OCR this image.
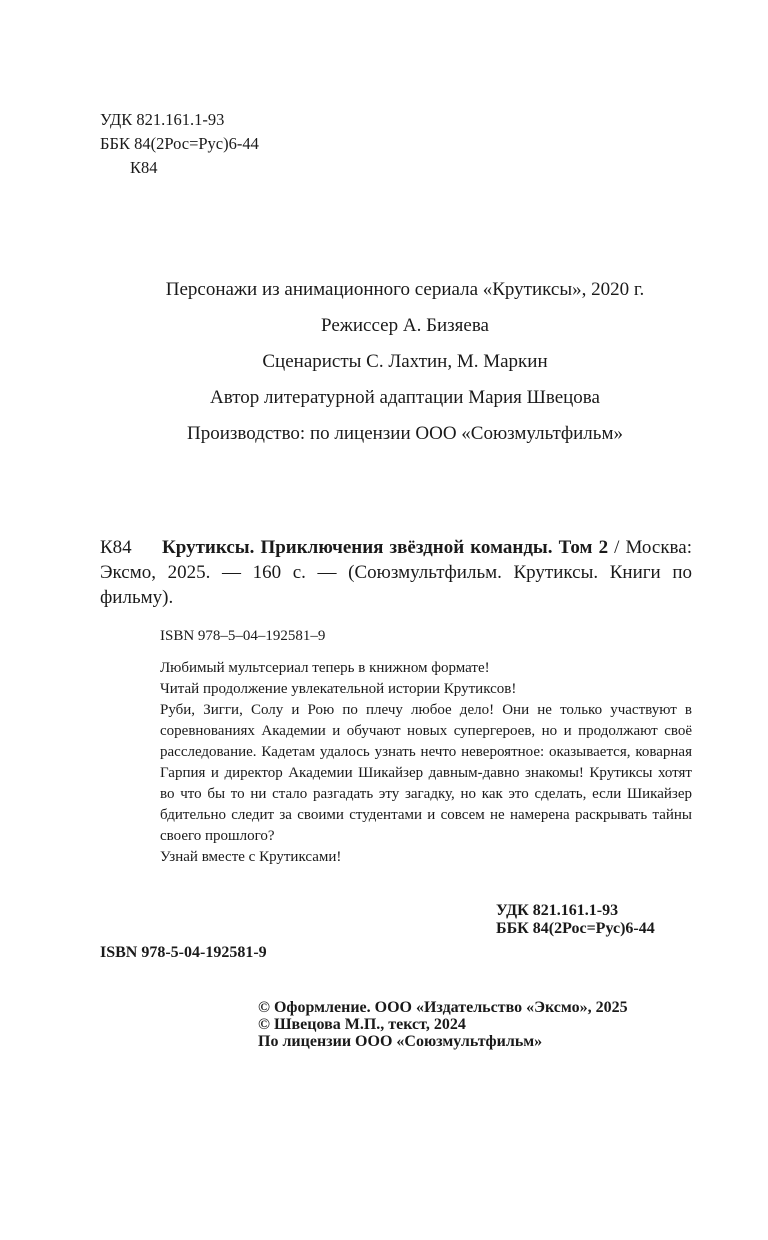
УДК 821.161.1-93
ББК 84(2Рос=Рус)6-44
К84
Персонажи из анимационного сериала «Крутиксы», 2020 г.
Режиссер А. Бизяева
Сценаристы С. Лахтин, М. Маркин
Автор литературной адаптации Мария Швецова
Производство: по лицензии ООО «Союзмультфильм»
К84 Крутиксы. Приключения звёздной команды. Том 2 / Москва: Эксмо, 2025. — 160 с. — (Союзмультфильм. Крутиксы. Книги по фильму).
ISBN 978–5–04–192581–9

Любимый мультсериал теперь в книжном формате!

Читай продолжение увлекательной истории Крутиксов!

Руби, Зигги, Солу и Рою по плечу любое дело! Они не только участвуют в соревнованиях Академии и обучают новых супергероев, но и продолжают своё расследование. Кадетам удалось узнать нечто невероятное: оказывается, коварная Гарпия и директор Академии Шикайзер давным-давно знакомы! Крутиксы хотят во что бы то ни стало разгадать эту загадку, но как это сделать, если Шикайзер бдительно следит за своими студентами и совсем не намерена раскрывать тайны своего прошлого?

Узнай вместе с Крутиксами!

УДК 821.161.1-93
ББК 84(2Рос=Рус)6-44
ISBN 978-5-04-192581-9
© Оформление. ООО «Издательство «Эксмо», 2025
© Швецова М.П., текст, 2024
По лицензии ООО «Союзмультфильм»
